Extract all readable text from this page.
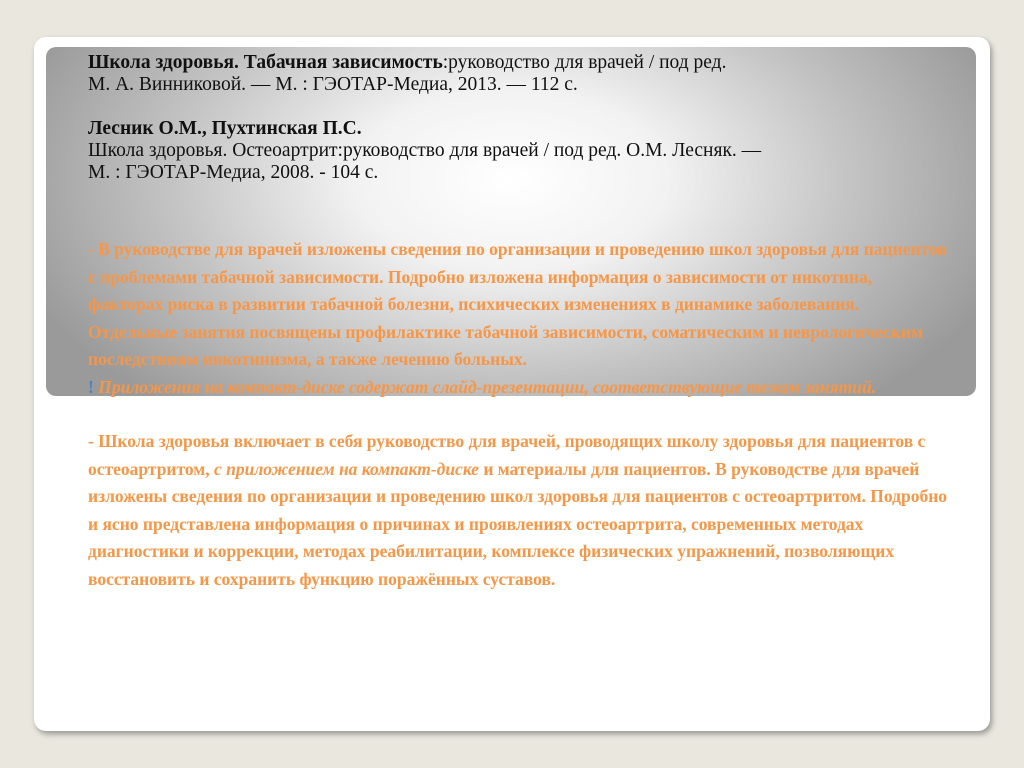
Школа здоровья. Табачная зависимость:руководство для врачей / под ред.
М. А. Винниковой. — М. : ГЭОТАР-Медиа, 2013. — 112 с.

Лесник О.М., Пухтинская П.С.
Школа здоровья. Остеоартрит:руководство для врачей / под ред. О.М. Лесняк. —
М. : ГЭОТАР-Медиа, 2008. - 104 с.

- В руководстве для врачей изложены сведения по организации и проведению школ здоровья для пациентов с проблемами табачной зависимости. Подробно изложена информация о зависимости от никотина, факторах риска в развитии табачной болезни, психических изменениях в динамике заболевания. Отдельные занятия посвящены профилактике табачной зависимости, соматическим и неврологическим последствиям никотинизма, а также лечению больных.
! Приложения на компакт-диске содержат слайд-презентации, соответствующие темам занятий.

- Школа здоровья включает в себя руководство для врачей, проводящих школу здоровья для пациентов с остеоартритом, с приложением на компакт-диске и материалы для пациентов. В руководстве для врачей изложены сведения по организации и проведению школ здоровья для пациентов с остеоартритом. Подробно и ясно представлена информация о причинах и проявлениях остеоартрита, современных методах диагностики и коррекции, методах реабилитации, комплексе физических упражнений, позволяющих восстановить и сохранить функцию поражённых суставов.
